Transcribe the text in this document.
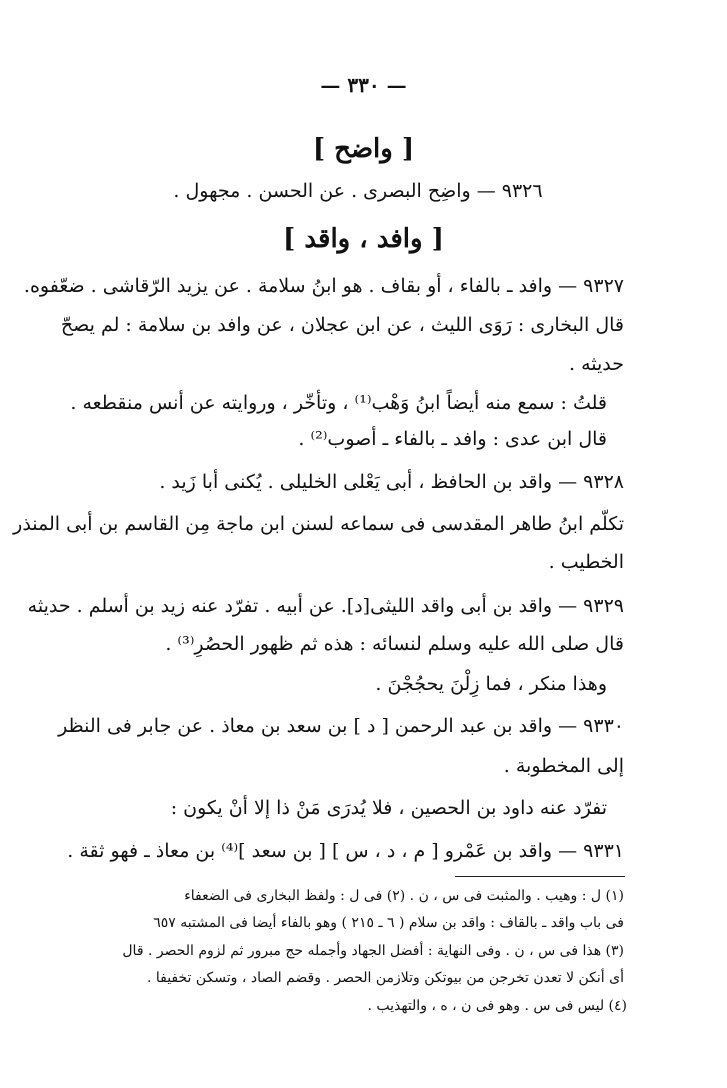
— ٣٣٠ —
[ واضح ]
٩٣٢٦ — واضِح البصرى . عن الحسن . مجهول .
[ وافد ، واقد ]
٩٣٢٧ — وافد ـ بالفاء ، أو بقاف . هو ابنُ سلامة . عن يزيد الرّقاشى . ضعّفوه.
قال البخارى : رَوَى الليث ، عن ابن عجلان ، عن وافد بن سلامة : لم يصحّ
حديثه .
قلتُ : سمع منه أيضاً ابنُ وَهْب⁽¹⁾ ، وتأخّر ، وروايته عن أنس منقطعه .
قال ابن عدى : وافد ـ بالفاء ـ أصوب⁽²⁾ .
٩٣٢٨ — واقد بن الحافظ ، أبى يَعْلى الخليلى . يُكنى أبا زَيد .
تكلّم ابنُ طاهر المقدسى فى سماعه لسنن ابن ماجة مِن القاسم بن أبى المنذر
الخطيب .
٩٣٢٩ — واقد بن أبى واقد الليثى[د]. عن أبيه . تفرّد عنه زيد بن أسلم . حديثه
قال صلى الله عليه وسلم لنسائه : هذه ثم ظهور الحصُرِ⁽³⁾ .
وهذا منكر ، فما زِلْنَ يحجُجْنَ .
٩٣٣٠ — واقد بن عبد الرحمن [ د ] بن سعد بن معاذ . عن جابر فى النظر
إلى المخطوبة .
تفرّد عنه داود بن الحصين ، فلا يُدرَى مَنْ ذا إلا أنْ يكون :
٩٣٣١ — واقد بن عَمْرو [ م ، د ، س ] [ بن سعد ]⁽⁴⁾ بن معاذ ـ فهو ثقة .
(١) ل : وهيب . والمثبت فى س ، ن . (٢) فى ل : ولفظ البخارى فى الضعفاء
فى باب واقد ـ بالقاف : واقد بن سلام ( ٦ ـ ٢١٥ ) وهو بالفاء أيضا فى المشتبه ٦٥٧
(٣) هذا فى س ، ن . وفى النهاية : أفضل الجهاد وأجمله حج مبرور ثم لزوم الحصر . قال
أى أنكن لا تعدن تخرجن من بيوتكن وتلازمن الحصر . وقضم الصاد ، وتسكن تخفيفا .
(٤) ليس فى س . وهو فى ن ، ه ، والتهذيب .
